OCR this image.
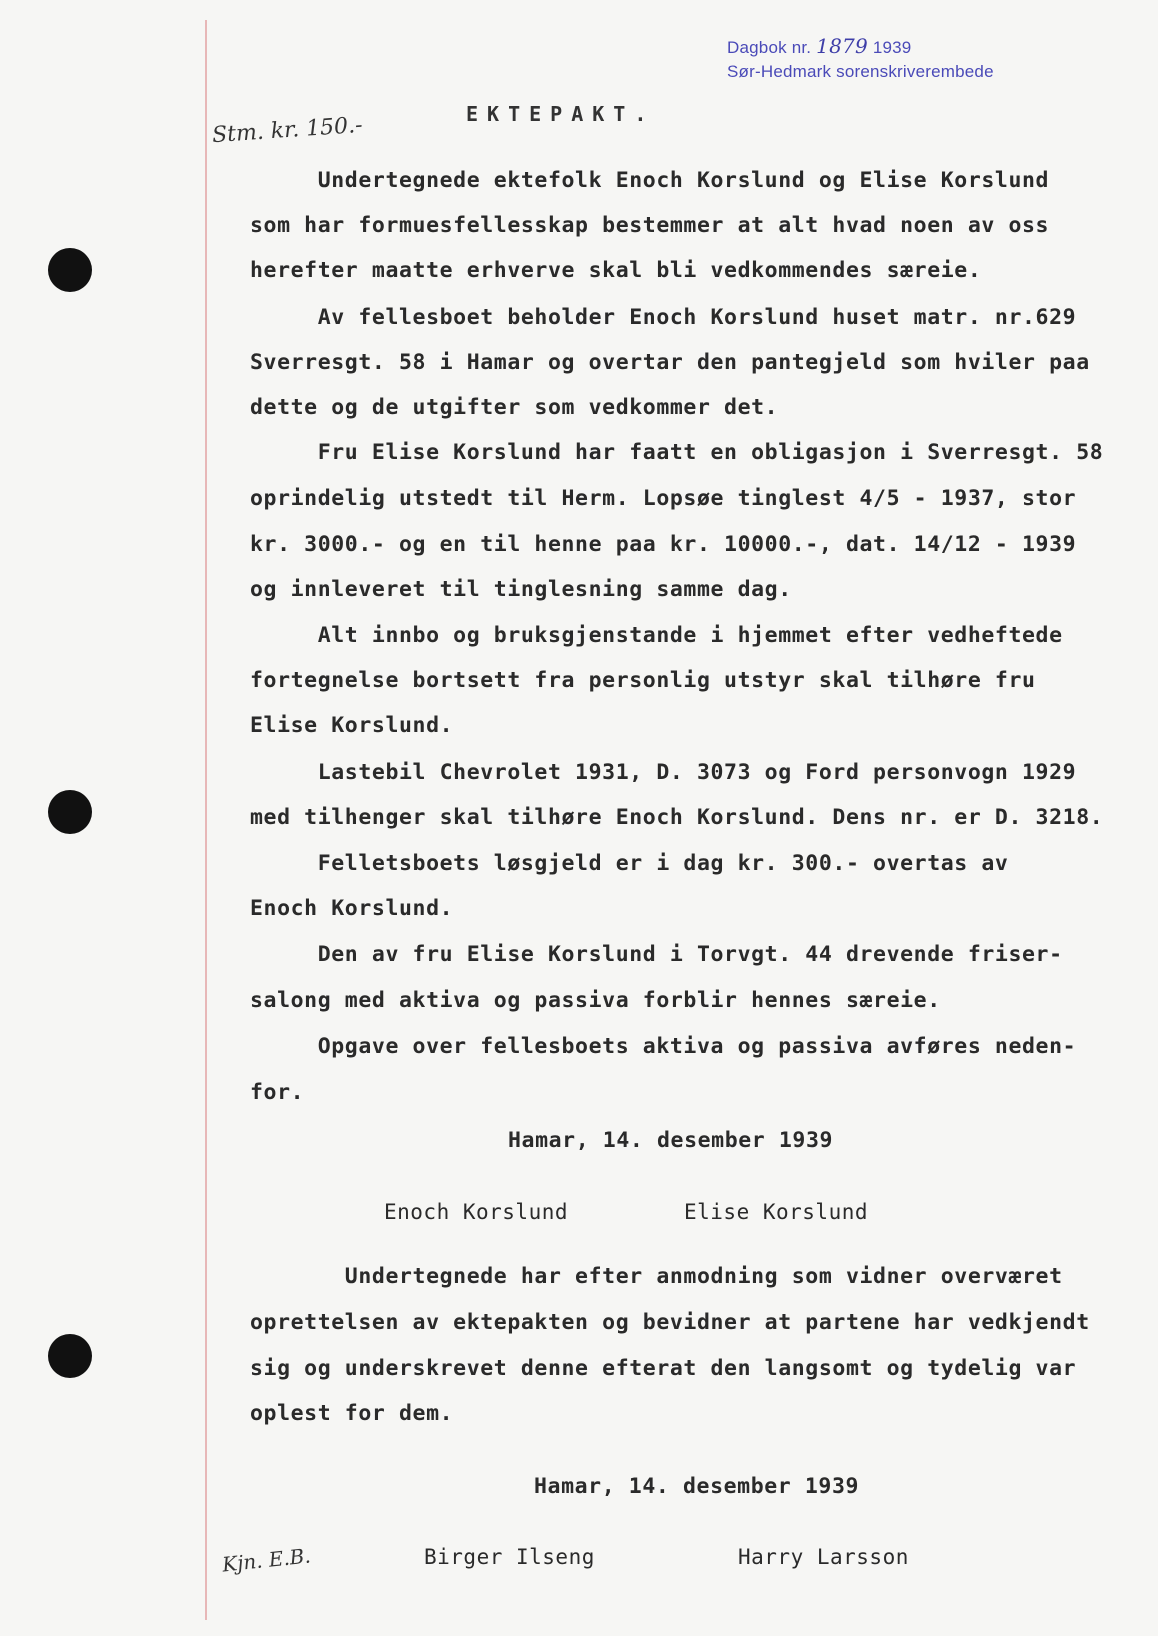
Dagbok nr. 1879 1939
Sør-Hedmark sorenskriverembede
Stm. kr. 150.-	EKTEPAKT.
Undertegnede ektefolk Enoch Korslund og Elise Korslund
som har formuesfellesskap bestemmer at alt hvad noen av oss
herefter maatte erhverve skal bli vedkommendes særeie.
Av fellesboet beholder Enoch Korslund huset matr. nr.629
Sverresgt. 58 i Hamar og overtar den pantegjeld som hviler paa
dette og de utgifter som vedkommer det.
Fru Elise Korslund har faatt en obligasjon i Sverresgt. 58
oprindelig utstedt til Herm. Lopsøe tinglest 4/5 - 1937, stor
kr. 3000.- og en til henne paa kr. 10000.-, dat. 14/12 - 1939
og innleveret til tinglesning samme dag.
Alt innbo og bruksgjenstande i hjemmet efter vedheftede
fortegnelse bortsett fra personlig utstyr skal tilhøre fru
Elise Korslund.
Lastebil Chevrolet 1931, D. 3073 og Ford personvogn 1929
med tilhenger skal tilhøre Enoch Korslund. Dens nr. er D. 3218.
Felletsboets løsgjeld er i dag kr. 300.- overtas av
Enoch Korslund.
Den av fru Elise Korslund i Torvgt. 44 drevende friser-
salong med aktiva og passiva forblir hennes særeie.
Opgave over fellesboets aktiva og passiva avføres neden-
for.
Hamar, 14. desember 1939
Enoch Korslund	Elise Korslund
Undertegnede har efter anmodning som vidner overværet
oprettelsen av ektepakten og bevidner at partene har vedkjendt
sig og underskrevet denne efterat den langsomt og tydelig var
oplest for dem.
Hamar, 14. desember 1939
Birger Ilseng	Harry Larsson
Kjn. E.B.
